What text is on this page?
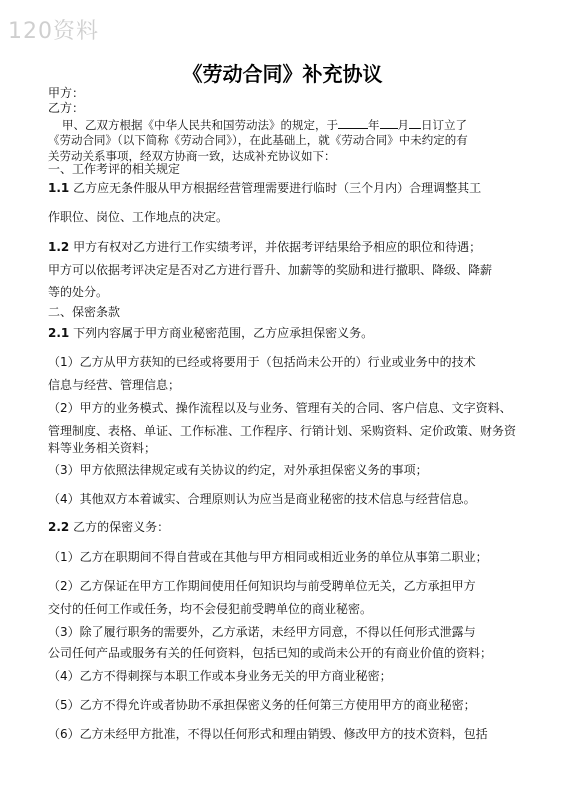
120资料
《劳动合同》补充协议
甲方：
乙方：
甲、乙双方根据《中华人民共和国劳动法》的规定，于	年 月 日订立了
《劳动合同》（以下简称《劳动合同》），在此基础上，就《劳动合同》中未约定的有
关劳动关系事项，经双方协商一致，达成补充协议如下：
一、工作考评的相关规定
1.1 乙方应无条件服从甲方根据经营管理需要进行临时（三个月内）合理调整其工
作职位、岗位、工作地点的决定。
1.2 甲方有权对乙方进行工作实绩考评，并依据考评结果给予相应的职位和待遇；
甲方可以依据考评决定是否对乙方进行晋升、加薪等的奖励和进行撤职、降级、降薪
等的处分。
二、保密条款
2.1 下列内容属于甲方商业秘密范围，乙方应承担保密义务。
（1）乙方从甲方获知的已经或将要用于（包括尚未公开的）行业或业务中的技术
信息与经营、管理信息；
（2）甲方的业务模式、操作流程以及与业务、管理有关的合同、客户信息、文字资料、
管理制度、表格、单证、工作标准、工作程序、行销计划、采购资料、定价政策、财务资
料等业务相关资料；
（3）甲方依照法律规定或有关协议的约定，对外承担保密义务的事项；
（4）其他双方本着诚实、合理原则认为应当是商业秘密的技术信息与经营信息。
2.2 乙方的保密义务：
（1）乙方在职期间不得自营或在其他与甲方相同或相近业务的单位从事第二职业；
（2）乙方保证在甲方工作期间使用任何知识均与前受聘单位无关，乙方承担甲方
交付的任何工作或任务，均不会侵犯前受聘单位的商业秘密。
（3）除了履行职务的需要外，乙方承诺，未经甲方同意，不得以任何形式泄露与
公司任何产品或服务有关的任何资料，包括已知的或尚未公开的有商业价值的资料；
（4）乙方不得刺探与本职工作或本身业务无关的甲方商业秘密；
（5）乙方不得允许或者协助不承担保密义务的任何第三方使用甲方的商业秘密；
（6）乙方未经甲方批准，不得以任何形式和理由销毁、修改甲方的技术资料，包括
